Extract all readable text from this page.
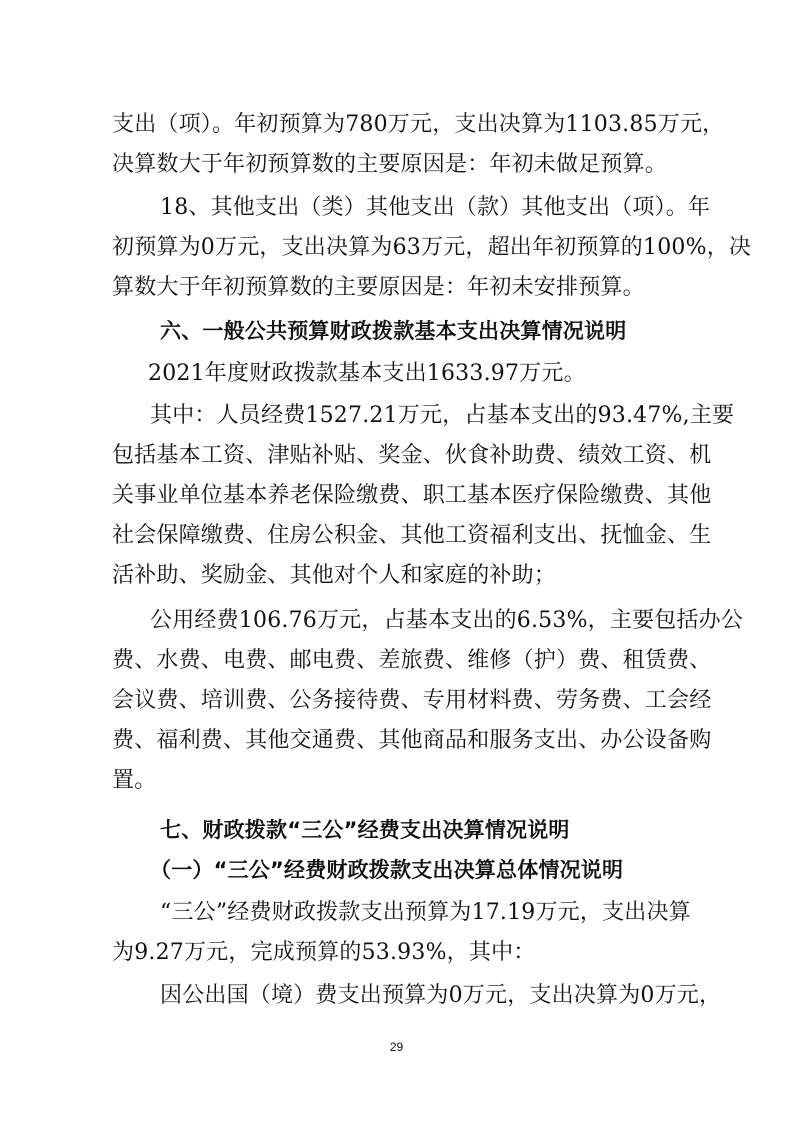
支出（项）。年初预算为780万元，支出决算为1103.85万元，
决算数大于年初预算数的主要原因是：年初未做足预算。
18、其他支出（类）其他支出（款）其他支出（项）。年
初预算为0万元，支出决算为63万元，超出年初预算的100%，决
算数大于年初预算数的主要原因是：年初未安排预算。
六、一般公共预算财政拨款基本支出决算情况说明
2021年度财政拨款基本支出1633.97万元。
其中：人员经费1527.21万元，占基本支出的93.47%,主要
包括基本工资、津贴补贴、奖金、伙食补助费、绩效工资、机
关事业单位基本养老保险缴费、职工基本医疗保险缴费、其他
社会保障缴费、住房公积金、其他工资福利支出、抚恤金、生
活补助、奖励金、其他对个人和家庭的补助；
公用经费106.76万元，占基本支出的6.53%，主要包括办公
费、水费、电费、邮电费、差旅费、维修（护）费、租赁费、
会议费、培训费、公务接待费、专用材料费、劳务费、工会经
费、福利费、其他交通费、其他商品和服务支出、办公设备购
置。
七、财政拨款“三公”经费支出决算情况说明
（一）“三公”经费财政拨款支出决算总体情况说明
“三公”经费财政拨款支出预算为17.19万元，支出决算
为9.27万元，完成预算的53.93%，其中：
因公出国（境）费支出预算为0万元，支出决算为0万元，
29
